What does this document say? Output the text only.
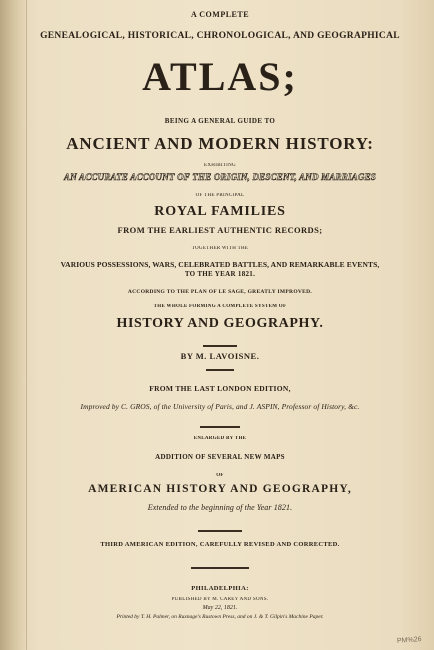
A COMPLETE
GENEALOGICAL, HISTORICAL, CHRONOLOGICAL, AND GEOGRAPHICAL
ATLAS;
BEING A GENERAL GUIDE TO
ANCIENT AND MODERN HISTORY:
EXHIBITING
AN ACCURATE ACCOUNT OF THE ORIGIN, DESCENT, AND MARRIAGES
OF THE PRINCIPAL
ROYAL FAMILIES
FROM THE EARLIEST AUTHENTIC RECORDS;
TOGETHER WITH THE
VARIOUS POSSESSIONS, WARS, CELEBRATED BATTLES, AND REMARKABLE EVENTS,
TO THE YEAR 1821.
ACCORDING TO THE PLAN OF LE SAGE, GREATLY IMPROVED.
THE WHOLE FORMING A COMPLETE SYSTEM OF
HISTORY AND GEOGRAPHY.
BY M. LAVOISNE.
FROM THE LAST LONDON EDITION,
Improved by C. GROS, of the University of Paris, and J. ASPIN, Professor of History, &c.
ENLARGED BY THE
ADDITION OF SEVERAL NEW MAPS
OF
AMERICAN HISTORY AND GEOGRAPHY,
Extended to the beginning of the Year 1821.
THIRD AMERICAN EDITION, CAREFULLY REVISED AND CORRECTED.
PHILADELPHIA:
PUBLISHED BY M. CAREY AND SONS.
May 22, 1821.
Printed by T. H. Palmer, on Ruxnage's Rustown Press, and on J. & T. Gilpin's Machine Paper.
PM%26
